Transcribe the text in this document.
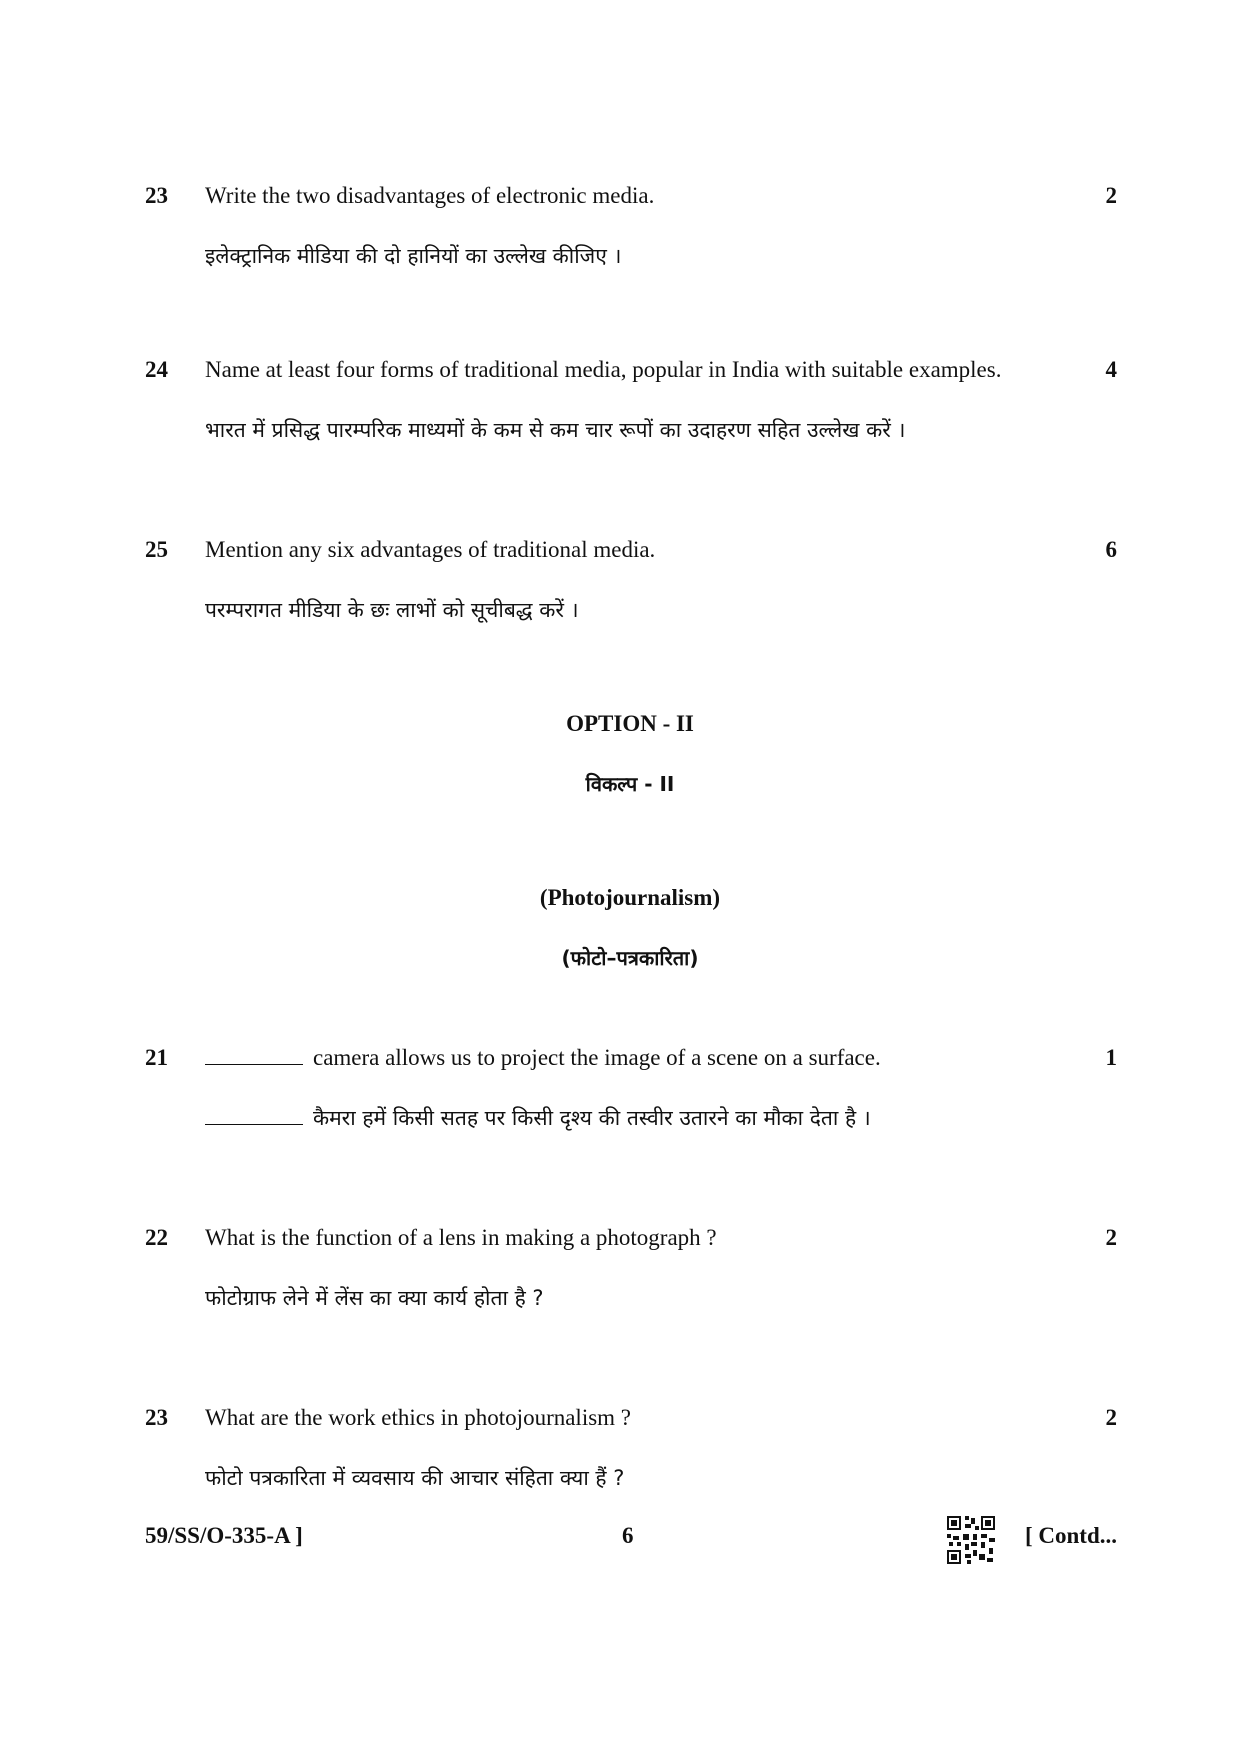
23	Write the two disadvantages of electronic media.	2
इलेक्ट्रानिक मीडिया की दो हानियों का उल्लेख कीजिए ।
24	Name at least four forms of traditional media, popular in India with suitable examples.	4
भारत में प्रसिद्ध पारम्परिक माध्यमों के कम से कम चार रूपों का उदाहरण सहित उल्लेख करें ।
25	Mention any six advantages of traditional media.	6
परम्परागत मीडिया के छः लाभों को सूचीबद्ध करें ।
OPTION - II
विकल्प - II
(Photojournalism)
(फोटो–पत्रकारिता)
21	camera allows us to project the image of a scene on a surface.	1
कैमरा हमें किसी सतह पर किसी दृश्य की तस्वीर उतारने का मौका देता है ।
22	What is the function of a lens in making a photograph ?	2
फोटोग्राफ लेने में लेंस का क्या कार्य होता है ?
23	What are the work ethics in photojournalism ?	2
फोटो पत्रकारिता में व्यवसाय की आचार संहिता क्या हैं ?
59/SS/O-335-A ]	6	[ Contd...
